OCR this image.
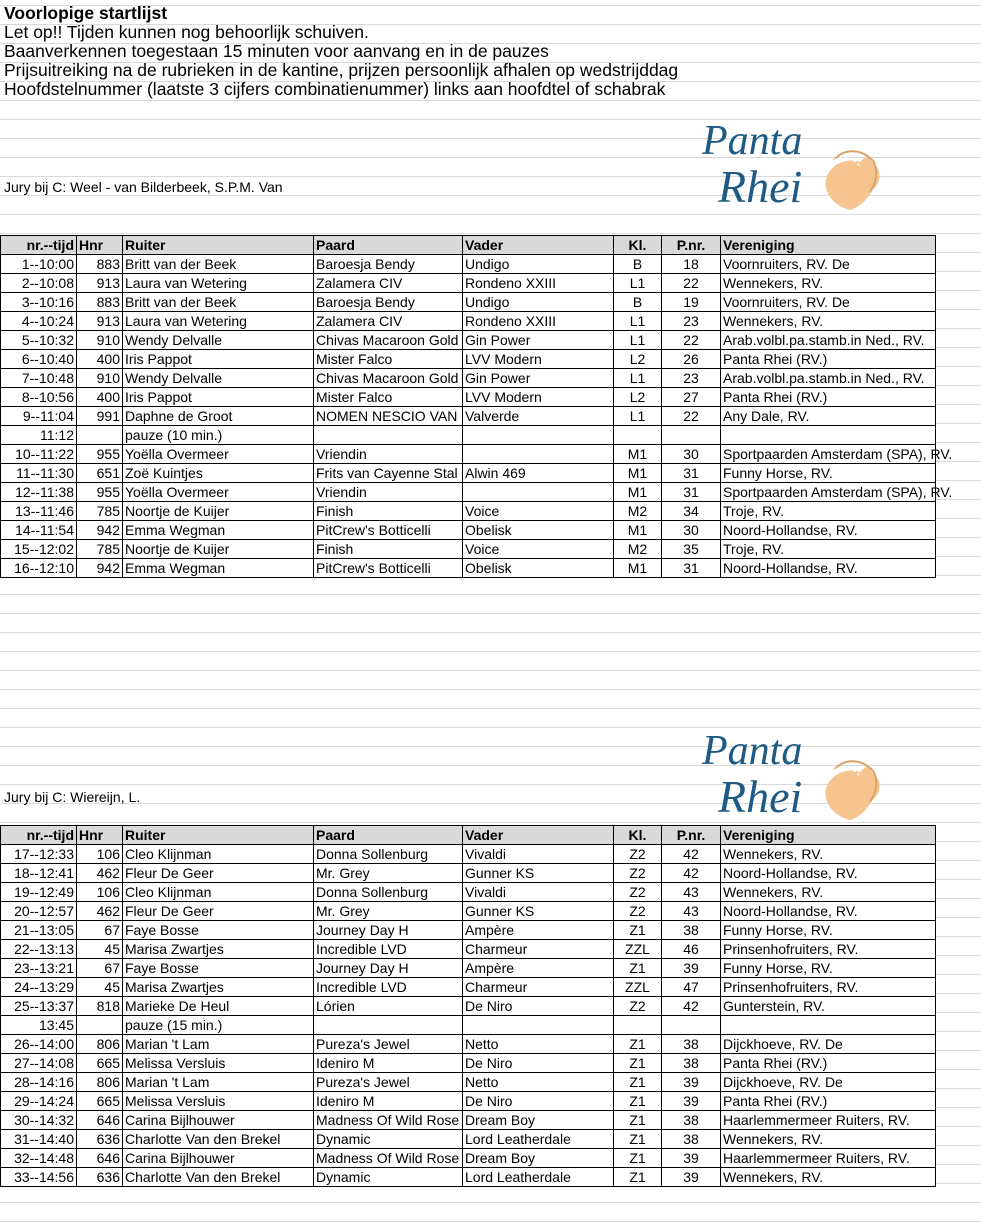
Voorlopige startlijst
Let op!! Tijden kunnen nog behoorlijk schuiven.
Baanverkennen toegestaan 15 minuten voor aanvang en in de pauzes
Prijsuitreiking na de rubrieken in de kantine, prijzen persoonlijk afhalen op wedstrijddag
Hoofdstelnummer (laatste 3 cijfers combinatienummer) links aan hoofdtel of schabrak
Panta
Rhei
Jury bij C: Weel - van Bilderbeek, S.P.M. Van
nr.--tijd	Hnr	Ruiter	Paard	Vader	Kl.	P.nr.	Vereniging
1--10:00	883	Britt van der Beek	Baroesja Bendy	Undigo	B	18	Voornruiters, RV. De
2--10:08	913	Laura van Wetering	Zalamera CIV	Rondeno XXIII	L1	22	Wennekers, RV.
3--10:16	883	Britt van der Beek	Baroesja Bendy	Undigo	B	19	Voornruiters, RV. De
4--10:24	913	Laura van Wetering	Zalamera CIV	Rondeno XXIII	L1	23	Wennekers, RV.
5--10:32	910	Wendy Delvalle	Chivas Macaroon Gold	Gin Power	L1	22	Arab.volbl.pa.stamb.in Ned., RV.
6--10:40	400	Iris Pappot	Mister Falco	LVV Modern	L2	26	Panta Rhei (RV.)
7--10:48	910	Wendy Delvalle	Chivas Macaroon Gold	Gin Power	L1	23	Arab.volbl.pa.stamb.in Ned., RV.
8--10:56	400	Iris Pappot	Mister Falco	LVV Modern	L2	27	Panta Rhei (RV.)
9--11:04	991	Daphne de Groot	NOMEN NESCIO VAN	Valverde	L1	22	Any Dale, RV.
11:12		pauze (10 min.)					
10--11:22	955	Yoëlla Overmeer	Vriendin		M1	30	Sportpaarden Amsterdam (SPA), RV.
11--11:30	651	Zoë Kuintjes	Frits van Cayenne Stal	Alwin 469	M1	31	Funny Horse, RV.
12--11:38	955	Yoëlla Overmeer	Vriendin		M1	31	Sportpaarden Amsterdam (SPA), RV.
13--11:46	785	Noortje de Kuijer	Finish	Voice	M2	34	Troje, RV.
14--11:54	942	Emma Wegman	PitCrew's Botticelli	Obelisk	M1	30	Noord-Hollandse, RV.
15--12:02	785	Noortje de Kuijer	Finish	Voice	M2	35	Troje, RV.
16--12:10	942	Emma Wegman	PitCrew's Botticelli	Obelisk	M1	31	Noord-Hollandse, RV.
Panta
Rhei
Jury bij C: Wiereijn, L.
nr.--tijd	Hnr	Ruiter	Paard	Vader	Kl.	P.nr.	Vereniging
17--12:33	106	Cleo Klijnman	Donna Sollenburg	Vivaldi	Z2	42	Wennekers, RV.
18--12:41	462	Fleur De Geer	Mr. Grey	Gunner KS	Z2	42	Noord-Hollandse, RV.
19--12:49	106	Cleo Klijnman	Donna Sollenburg	Vivaldi	Z2	43	Wennekers, RV.
20--12:57	462	Fleur De Geer	Mr. Grey	Gunner KS	Z2	43	Noord-Hollandse, RV.
21--13:05	67	Faye Bosse	Journey Day H	Ampère	Z1	38	Funny Horse, RV.
22--13:13	45	Marisa Zwartjes	Incredible LVD	Charmeur	ZZL	46	Prinsenhofruiters, RV.
23--13:21	67	Faye Bosse	Journey Day H	Ampère	Z1	39	Funny Horse, RV.
24--13:29	45	Marisa Zwartjes	Incredible LVD	Charmeur	ZZL	47	Prinsenhofruiters, RV.
25--13:37	818	Marieke De Heul	Lórien	De Niro	Z2	42	Gunterstein, RV.
13:45		pauze (15 min.)					
26--14:00	806	Marian 't Lam	Pureza's Jewel	Netto	Z1	38	Dijckhoeve, RV. De
27--14:08	665	Melissa Versluis	Ideniro M	De Niro	Z1	38	Panta Rhei (RV.)
28--14:16	806	Marian 't Lam	Pureza's Jewel	Netto	Z1	39	Dijckhoeve, RV. De
29--14:24	665	Melissa Versluis	Ideniro M	De Niro	Z1	39	Panta Rhei (RV.)
30--14:32	646	Carina Bijlhouwer	Madness Of Wild Rose	Dream Boy	Z1	38	Haarlemmermeer Ruiters, RV.
31--14:40	636	Charlotte Van den Brekel	Dynamic	Lord Leatherdale	Z1	38	Wennekers, RV.
32--14:48	646	Carina Bijlhouwer	Madness Of Wild Rose	Dream Boy	Z1	39	Haarlemmermeer Ruiters, RV.
33--14:56	636	Charlotte Van den Brekel	Dynamic	Lord Leatherdale	Z1	39	Wennekers, RV.
